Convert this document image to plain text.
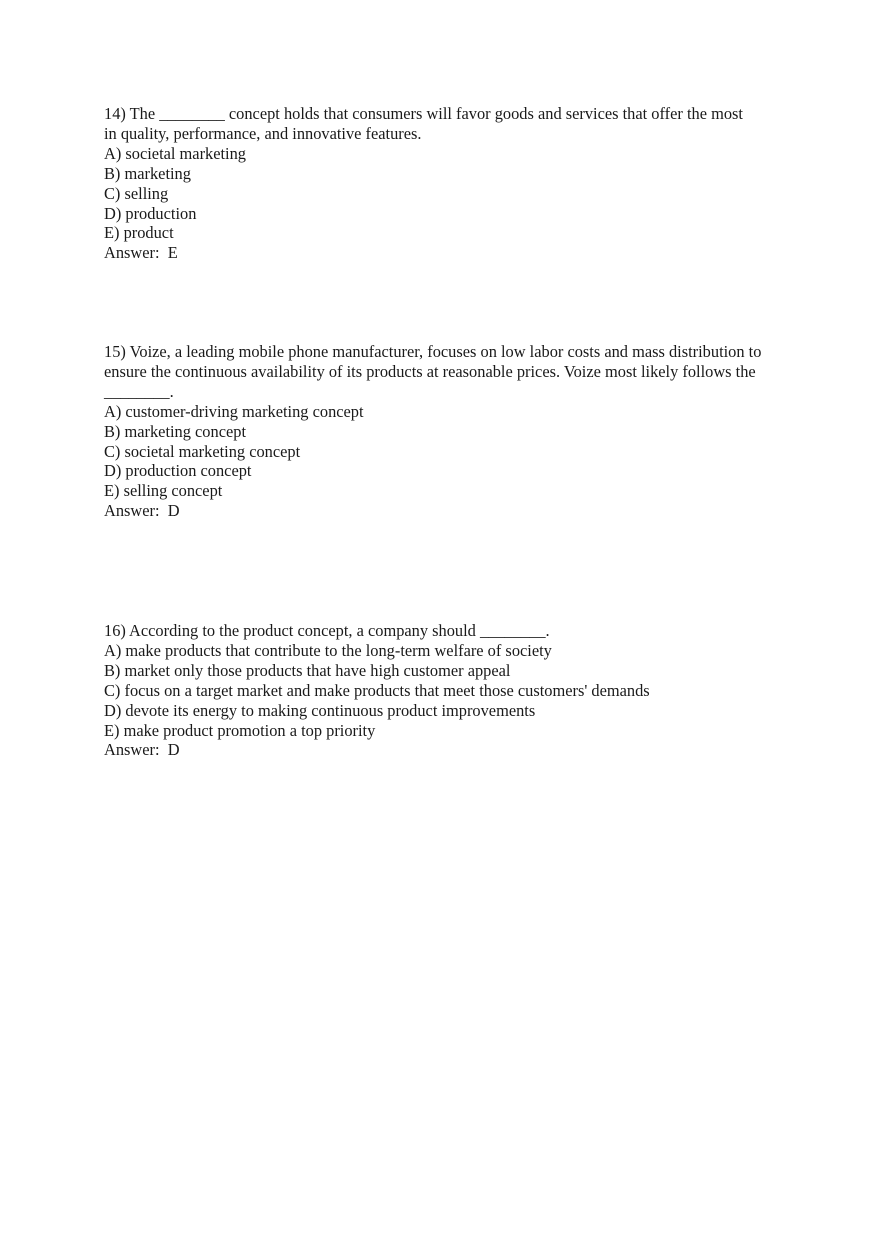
14) The ________ concept holds that consumers will favor goods and services that offer the most in quality, performance, and innovative features.
A) societal marketing
B) marketing
C) selling
D) production
E) product
Answer:  E
15) Voize, a leading mobile phone manufacturer, focuses on low labor costs and mass distribution to ensure the continuous availability of its products at reasonable prices. Voize most likely follows the ________.
A) customer-driving marketing concept
B) marketing concept
C) societal marketing concept
D) production concept
E) selling concept
Answer:  D
16) According to the product concept, a company should ________.
A) make products that contribute to the long-term welfare of society
B) market only those products that have high customer appeal
C) focus on a target market and make products that meet those customers' demands
D) devote its energy to making continuous product improvements
E) make product promotion a top priority
Answer:  D
